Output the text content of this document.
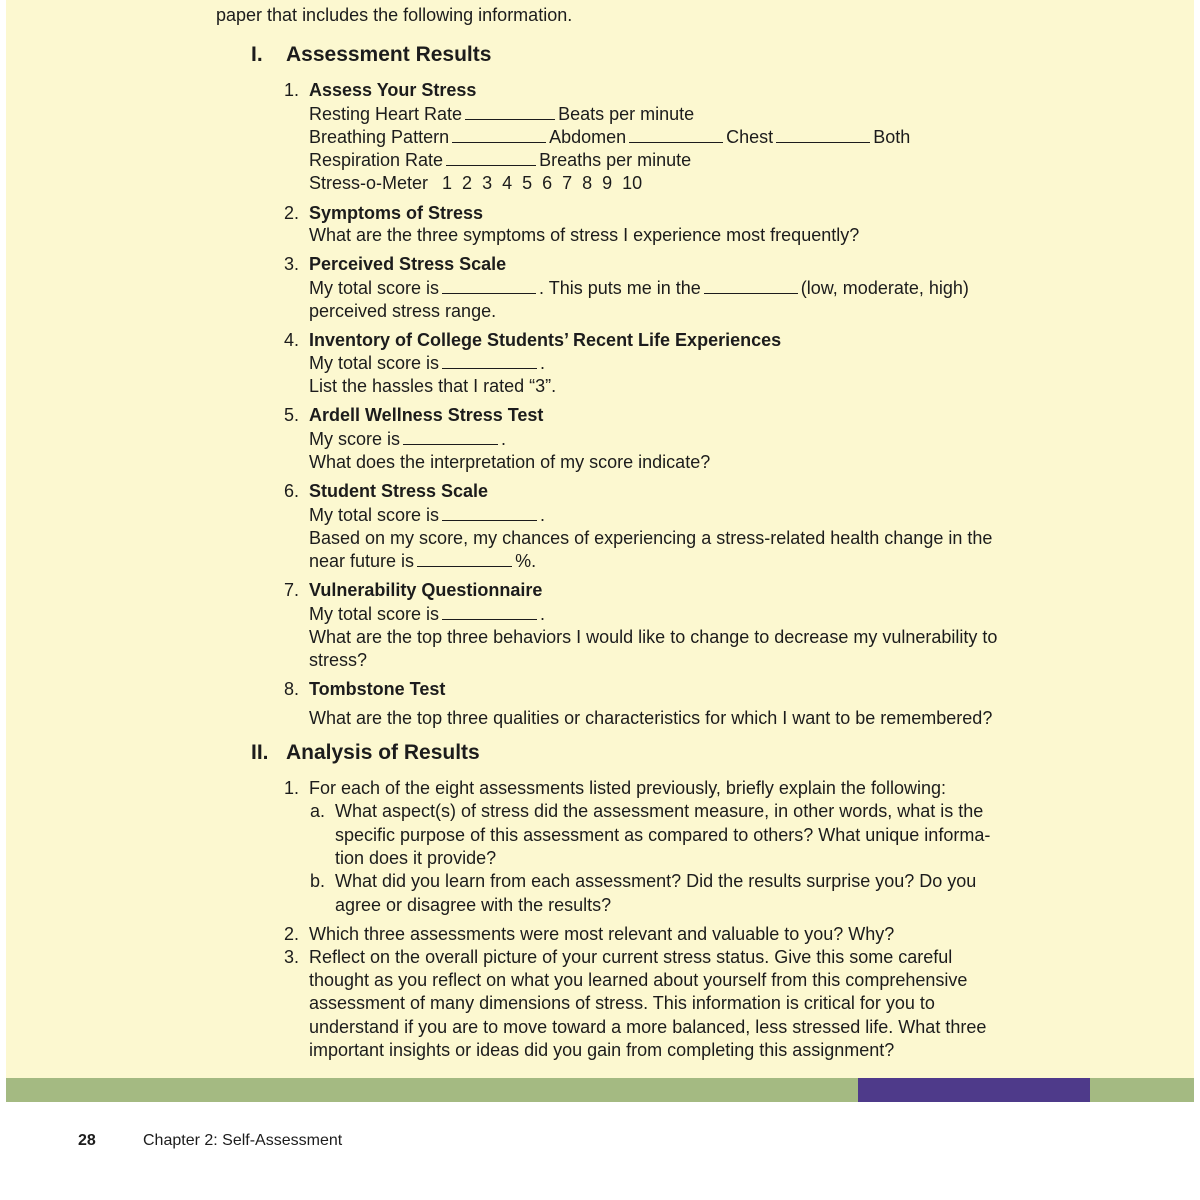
paper that includes the following information.
I. Assessment Results
1. Assess Your Stress
Resting Heart Rate	Beats per minute
Breathing Pattern	Abdomen	Chest	Both
Respiration Rate	Breaths per minute
Stress-o-Meter 1 2 3 4 5 6 7 8 9 10
2. Symptoms of Stress
What are the three symptoms of stress I experience most frequently?
3. Perceived Stress Scale
My total score is	. This puts me in the	(low, moderate, high)
perceived stress range.
4. Inventory of College Students’ Recent Life Experiences
My total score is	.
List the hassles that I rated “3”.
5. Ardell Wellness Stress Test
My score is	.
What does the interpretation of my score indicate?
6. Student Stress Scale
My total score is	.
Based on my score, my chances of experiencing a stress-related health change in the
near future is	%.
7. Vulnerability Questionnaire
My total score is	.
What are the top three behaviors I would like to change to decrease my vulnerability to
stress?
8. Tombstone Test
What are the top three qualities or characteristics for which I want to be remembered?
II. Analysis of Results
1. For each of the eight assessments listed previously, briefly explain the following:
a. What aspect(s) of stress did the assessment measure, in other words, what is the
specific purpose of this assessment as compared to others? What unique informa-
tion does it provide?
b. What did you learn from each assessment? Did the results surprise you? Do you
agree or disagree with the results?
2. Which three assessments were most relevant and valuable to you? Why?
3. Reflect on the overall picture of your current stress status. Give this some careful
thought as you reflect on what you learned about yourself from this comprehensive
assessment of many dimensions of stress. This information is critical for you to
understand if you are to move toward a more balanced, less stressed life. What three
important insights or ideas did you gain from completing this assignment?
28	Chapter 2: Self-Assessment
